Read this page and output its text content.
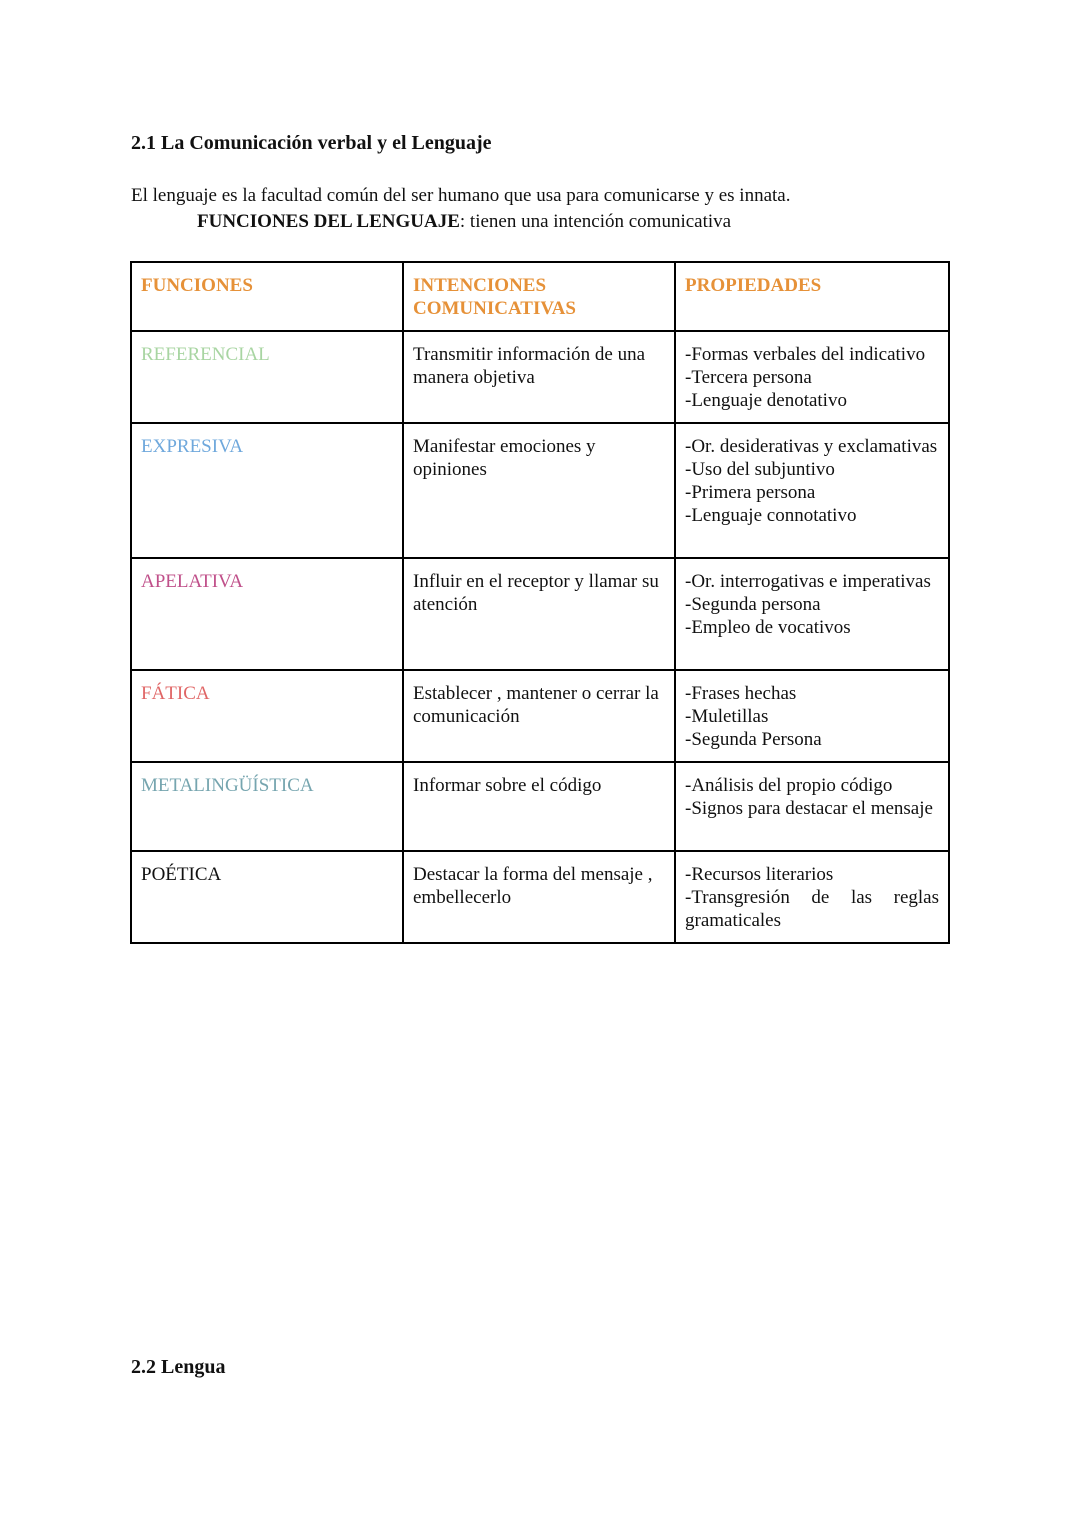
2.1 La Comunicación verbal y el Lenguaje
El lenguaje es la facultad común del ser humano que usa para comunicarse y es innata.
FUNCIONES DEL LENGUAJE: tienen una intención comunicativa
FUNCIONES	INTENCIONES COMUNICATIVAS	PROPIEDADES
REFERENCIAL	Transmitir información de una manera objetiva	-Formas verbales del indicativo
-Tercera persona
-Lenguaje denotativo

EXPRESIVA	Manifestar emociones y opiniones	-Or. desiderativas y exclamativas
-Uso del subjuntivo
-Primera persona
-Lenguaje connotativo

APELATIVA	Influir en el receptor y llamar su atención	-Or. interrogativas e imperativas
-Segunda persona
-Empleo de vocativos

FÁTICA	Establecer , mantener o cerrar la comunicación	-Frases hechas
-Muletillas
-Segunda Persona

METALINGÜÍSTICA	Informar sobre el código	-Análisis del propio código
-Signos para destacar el mensaje

POÉTICA	Destacar la forma del mensaje , embellecerlo	-Recursos literarios
-Transgresión de las reglas gramaticales
2.2 Lengua
